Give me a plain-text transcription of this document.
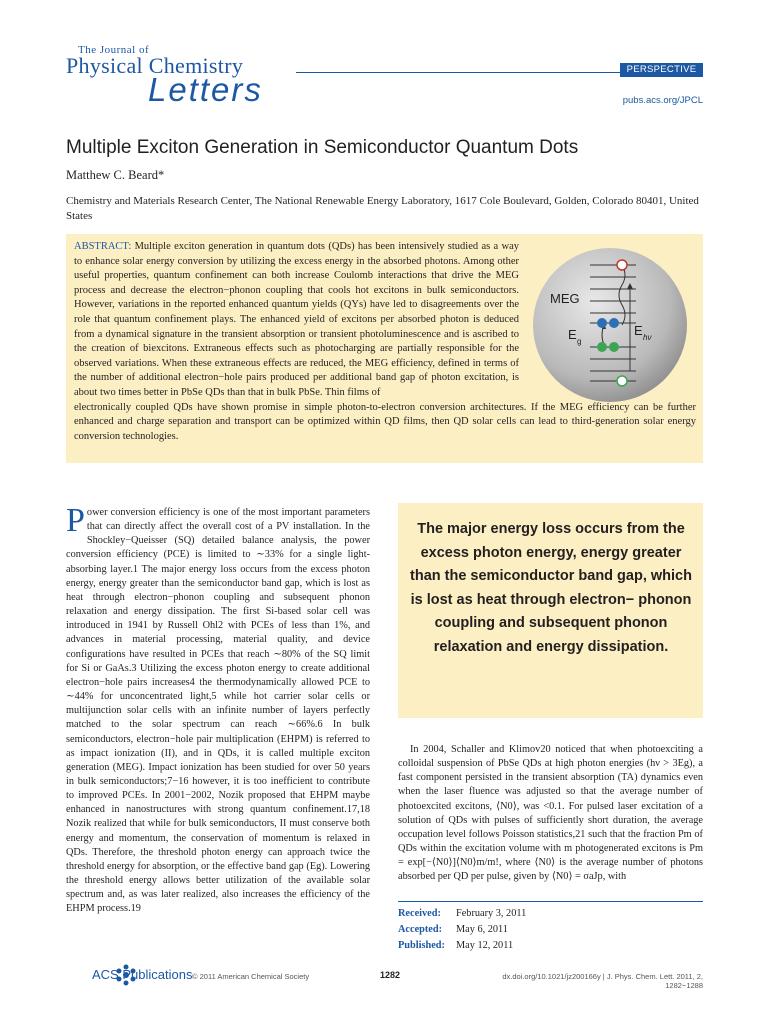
The Journal of
Physical Chemistry
Letters
PERSPECTIVE
pubs.acs.org/JPCL
Multiple Exciton Generation in Semiconductor Quantum Dots
Matthew C. Beard*
Chemistry and Materials Research Center, The National Renewable Energy Laboratory, 1617 Cole Boulevard, Golden, Colorado 80401, United States
ABSTRACT: Multiple exciton generation in quantum dots (QDs) has been intensively studied as a way to enhance solar energy conversion by utilizing the excess energy in the absorbed photons. Among other useful properties, quantum confinement can both increase Coulomb interactions that drive the MEG process and decrease the electron−phonon coupling that cools hot excitons in bulk semiconductors. However, variations in the reported enhanced quantum yields (QYs) have led to disagreements over the role that quantum confinement plays. The enhanced yield of excitons per absorbed photon is deduced from a dynamical signature in the transient absorption or transient photoluminescence and is ascribed to the creation of biexcitons. Extraneous effects such as photocharging are partially responsible for the observed variations. When these extraneous effects are reduced, the MEG efficiency, defined in terms of the number of additional electron−hole pairs produced per additional band gap of photon excitation, is about two times better in PbSe QDs than that in bulk PbSe. Thin films of
electronically coupled QDs have shown promise in simple photon-to-electron conversion architectures. If the MEG efficiency can be further enhanced and charge separation and transport can be optimized within QD films, then QD solar cells can lead to third-generation solar energy conversion technologies.
MEG
E g
E hν
Power conversion efficiency is one of the most important parameters that can directly affect the overall cost of a PV installation. In the Shockley−Queisser (SQ) detailed balance analysis, the power conversion efficiency (PCE) is limited to ∼33% for a single light-absorbing layer.1 The major energy loss occurs from the excess photon energy, energy greater than the semiconductor band gap, which is lost as heat through electron−phonon coupling and subsequent phonon relaxation and energy dissipation. The first Si-based solar cell was introduced in 1941 by Russell Ohl2 with PCEs of less than 1%, and advances in material processing, material quality, and device configurations have resulted in PCEs that reach ∼80% of the SQ limit for Si or GaAs.3 Utilizing the excess photon energy to create additional electron−hole pairs increases4 the thermodynamically allowed PCE to ∼44% for unconcentrated light,5 while hot carrier solar cells or multijunction solar cells with an infinite number of layers perfectly matched to the solar spectrum can reach ∼66%.6 In bulk semiconductors, electron−hole pair multiplication (EHPM) is referred to as impact ionization (II), and in QDs, it is called multiple exciton generation (MEG). Impact ionization has been studied for over 50 years in bulk semiconductors;7−16 however, it is too inefficient to contribute to improved PCEs. In 2001−2002, Nozik proposed that EHPM maybe enhanced in nanostructures with strong quantum confinement.17,18 Nozik realized that while for bulk semiconductors, II must conserve both energy and momentum, the conservation of momentum is relaxed in QDs. Therefore, the threshold photon energy can approach twice the threshold energy for absorption, or the effective band gap (Eg). Lowering the threshold energy allows better utilization of the available solar spectrum and, as was later realized, also increases the efficiency of the EHPM process.19
The major energy loss occurs from the excess photon energy, energy greater than the semiconductor band gap, which is lost as heat through electron− phonon coupling and subsequent phonon relaxation and energy dissipation.
In 2004, Schaller and Klimov20 noticed that when photoexciting a colloidal suspension of PbSe QDs at high photon energies (hν > 3Eg), a fast component persisted in the transient absorption (TA) dynamics even when the laser fluence was adjusted so that the average number of photoexcited excitons, ⟨N0⟩, was <0.1. For pulsed laser excitation of a solution of QDs with pulses of sufficiently short duration, the average occupation level follows Poisson statistics,21 such that the fraction Pm of QDs within the excitation volume with m photogenerated excitons is Pm = exp[−⟨N0⟩]⟨N0⟩m/m!, where ⟨N0⟩ is the average number of photons absorbed per QD per pulse, given by ⟨N0⟩ = σaJp, with
Received: February 3, 2011
Accepted: May 6, 2011
Published: May 12, 2011
ACS Publications © 2011 American Chemical Society	1282	dx.doi.org/10.1021/jz200166y | J. Phys. Chem. Lett. 2011, 2, 1282−1288
